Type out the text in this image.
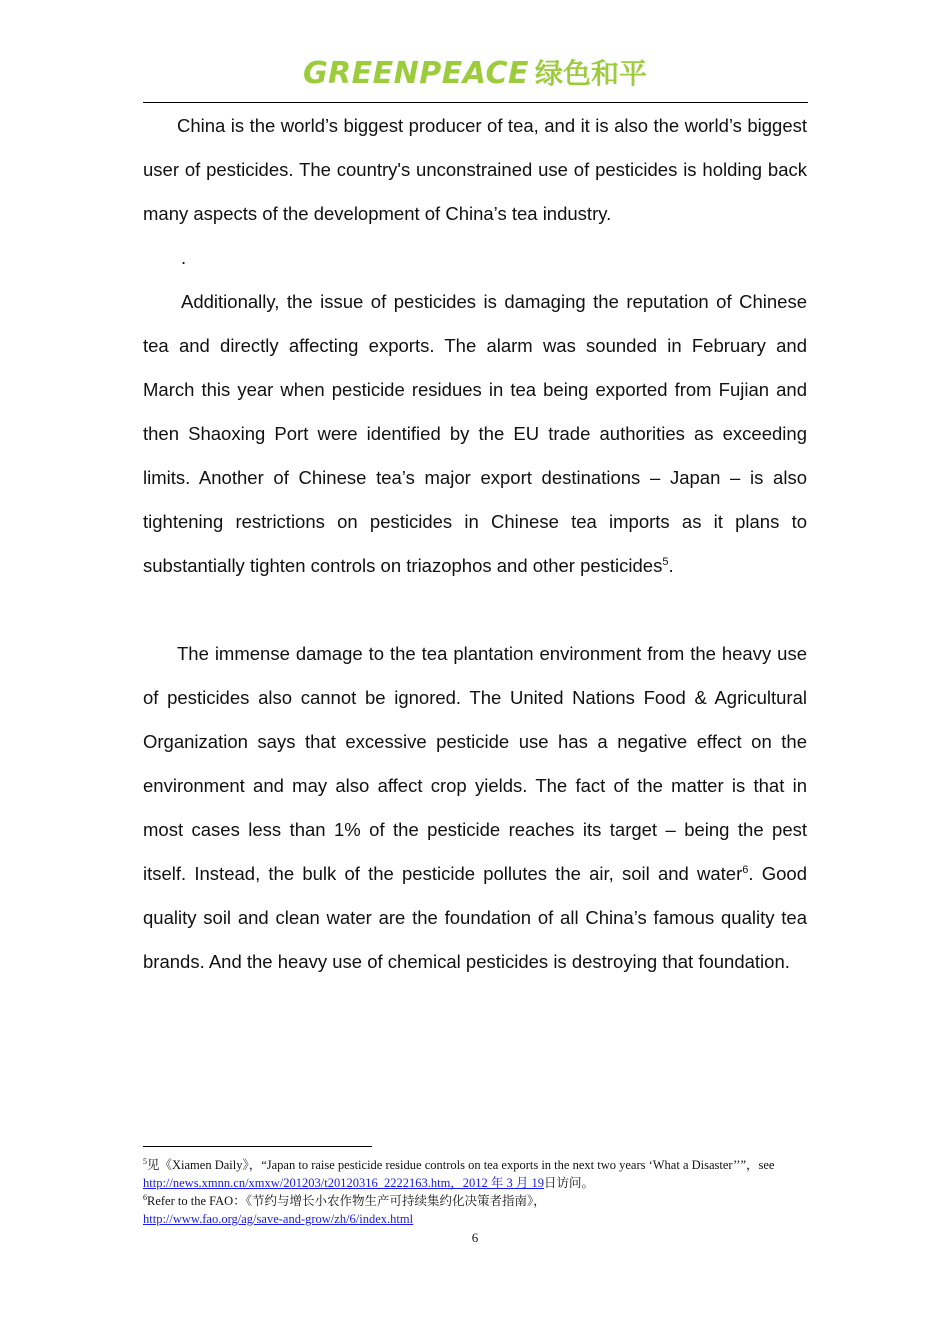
GREENPEACE 绿色和平

China is the world’s biggest producer of tea, and it is also the world’s biggest user of pesticides. The country's unconstrained use of pesticides is holding back many aspects of the development of China’s tea industry.

.

Additionally, the issue of pesticides is damaging the reputation of Chinese tea and directly affecting exports. The alarm was sounded in February and March this year when pesticide residues in tea being exported from Fujian and then Shaoxing Port were identified by the EU trade authorities as exceeding limits. Another of Chinese tea’s major export destinations – Japan – is also tightening restrictions on pesticides in Chinese tea imports as it plans to substantially tighten controls on triazophos and other pesticides$^5$.

The immense damage to the tea plantation environment from the heavy use of pesticides also cannot be ignored. The United Nations Food & Agricultural Organization says that excessive pesticide use has a negative effect on the environment and may also affect crop yields. The fact of the matter is that in most cases less than 1% of the pesticide reaches its target – being the pest itself. Instead, the bulk of the pesticide pollutes the air, soil and water$^6$. Good quality soil and clean water are the foundation of all China’s famous quality tea brands. And the heavy use of chemical pesticides is destroying that foundation.

$^5$见《Xiamen Daily》，“Japan to raise pesticide residue controls on tea exports in the next two years ‘What a Disaster’’”，see http://news.xmnn.cn/xmxw/201203/t20120316_2222163.htm，2012 年 3 月 19日访问。

$^6$Refer to the FAO：《节约与增长小农作物生产可持续集约化决策者指南》，
http://www.fao.org/ag/save-and-grow/zh/6/index.html

6
